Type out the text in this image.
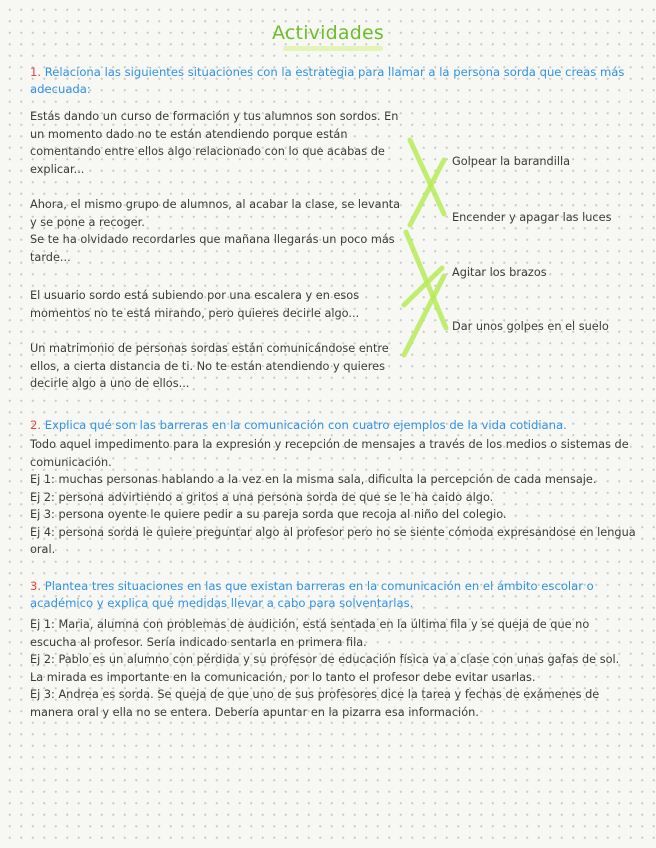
Actividades
1. Relaciona las siguientes situaciones con la estrategia para llamar a la persona sorda que creas más adecuada:

Estás dando un curso de formación y tus alumnos son sordos. En un momento dado no te están atendiendo porque están comentando entre ellos algo relacionado con lo que acabas de explicar...

Ahora, el mismo grupo de alumnos, al acabar la clase, se levanta y se pone a recoger.

Se te ha olvidado recordarles que mañana llegarás un poco más tarde...

El usuario sordo está subiendo por una escalera y en esos momentos no te está mirando, pero quieres decirle algo...

Un matrimonio de personas sordas están comunicándose entre ellos, a cierta distancia de ti. No te están atendiendo y quieres decirle algo a uno de ellos...

Golpear la barandilla
Encender y apagar las luces
Agitar los brazos
Dar unos golpes en el suelo
2. Explica qué son las barreras en la comunicación con cuatro ejemplos de la vida cotidiana.

Todo aquel impedimento para la expresión y recepción de mensajes a través de los medios o sistemas de comunicación.

Ej 1: muchas personas hablando a la vez en la misma sala, dificulta la percepción de cada mensaje.

Ej 2: persona advirtiendo a gritos a una persona sorda de que se le ha caido algo.

Ej 3: persona oyente le quiere pedir a su pareja sorda que recoja al niño del colegio.

Ej 4: persona sorda le quiere preguntar algo al profesor pero no se siente cómoda expresandose en lengua oral.

3. Plantea tres situaciones en las que existan barreras en la comunicación en el ámbito escolar o académico y explica qué medidas llevar a cabo para solventarlas.

Ej 1: Maria, alumna con problemas de audición, está sentada en la última fila y se queja de que no escucha al profesor. Sería indicado sentarla en primera fila.

Ej 2: Pablo es un alumno con pérdida y su profesor de educación física va a clase con unas gafas de sol. La mirada es importante en la comunicación, por lo tanto el profesor debe evitar usarlas.

Ej 3: Andrea es sorda. Se queja de que uno de sus profesores dice la tarea y fechas de exámenes de manera oral y ella no se entera. Debería apuntar en la pizarra esa información.
